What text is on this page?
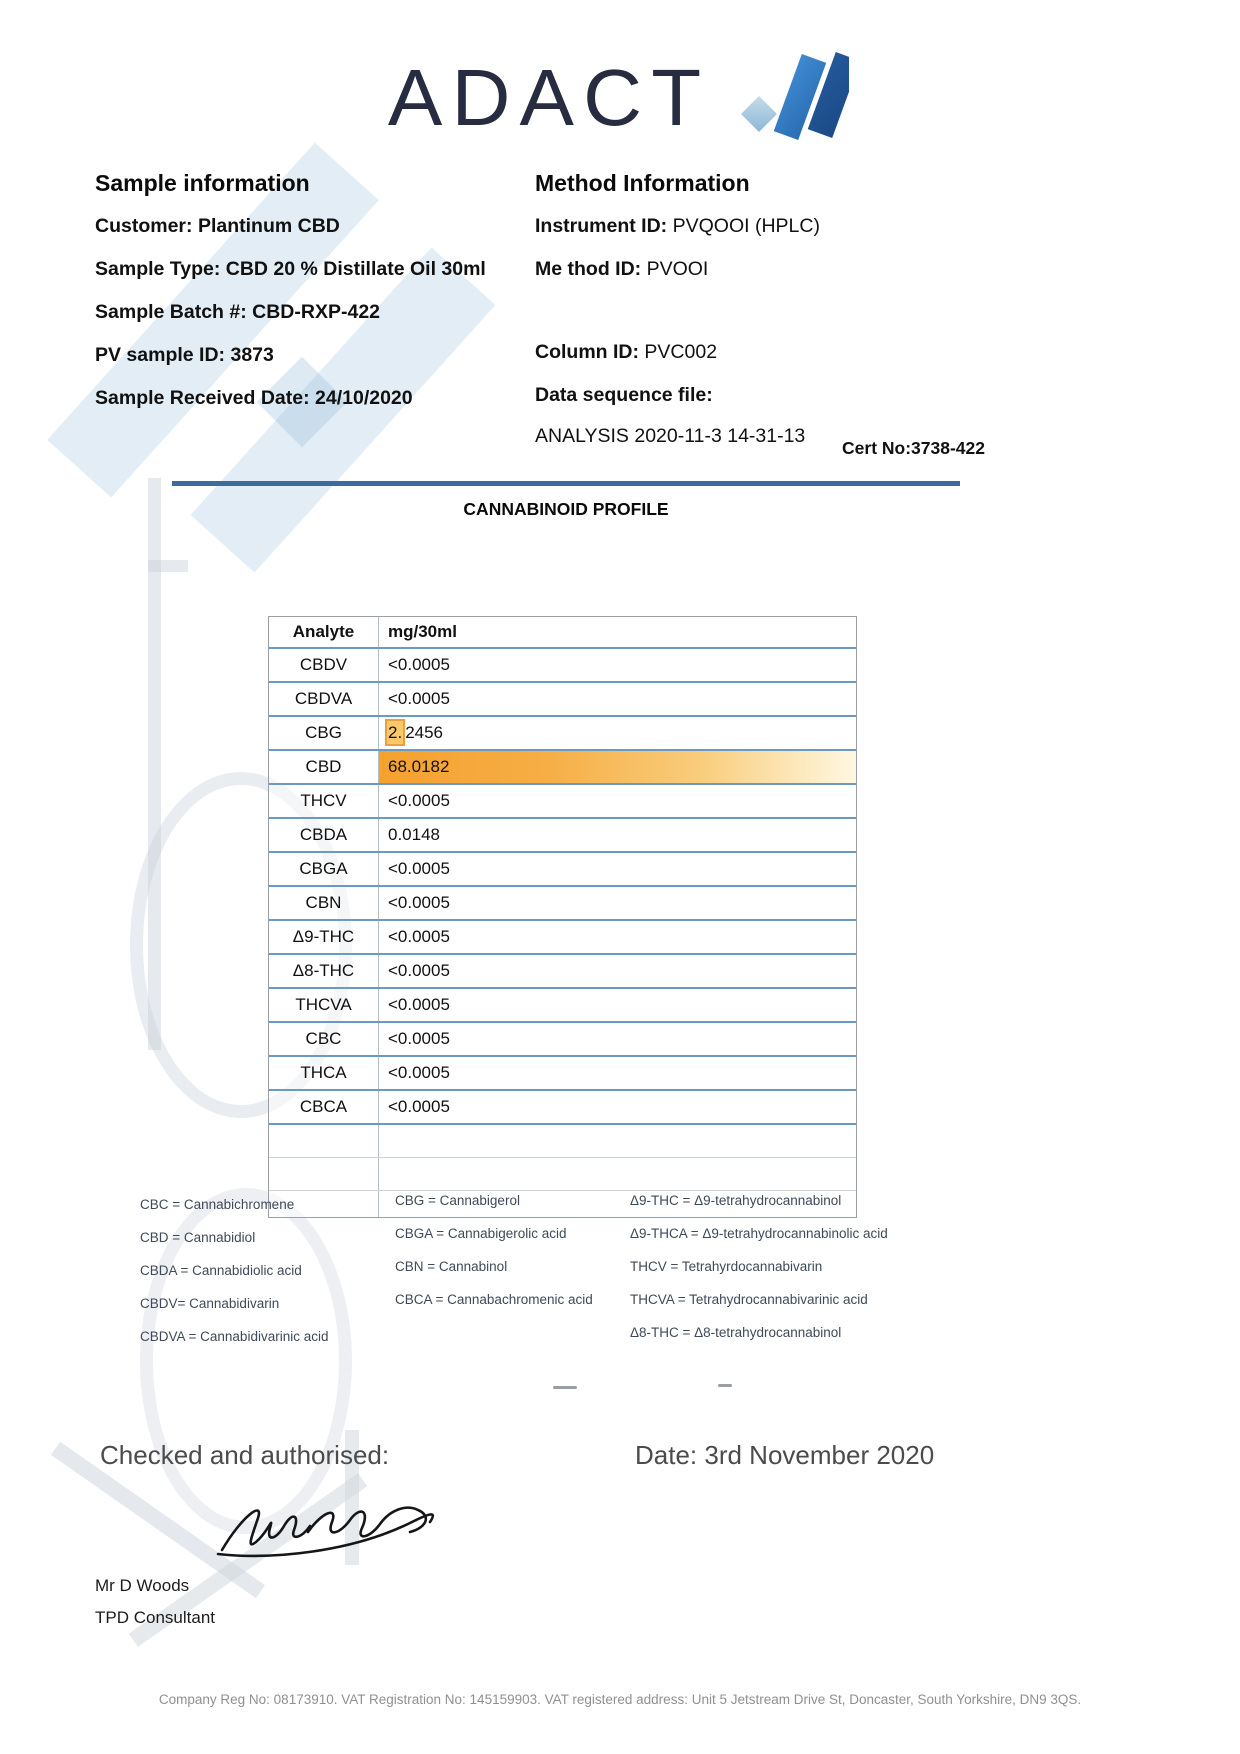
ADACT
Sample information
Customer: Plantinum CBD
Sample Type: CBD 20 % Distillate Oil 30ml
Sample Batch #: CBD-RXP-422
PV sample ID: 3873
Sample Received Date: 24/10/2020
Method Information
Instrument ID: PVQOOI (HPLC)
Me thod ID: PVOOI
Column ID: PVC002
Data sequence file:
ANALYSIS 2020-11-3 14-31-13
Cert No:3738-422
CANNABINOID PROFILE
Analyte	mg/30ml
CBDV	<0.0005
CBDVA	<0.0005
CBG	2. 2456
CBD	68.0182
THCV	<0.0005
CBDA	0.0148
CBGA	<0.0005
CBN	<0.0005
Δ9-THC	<0.0005
Δ8-THC	<0.0005
THCVA	<0.0005
CBC	<0.0005
THCA	<0.0005
CBCA	<0.0005
CBC = Cannabichromene
CBD = Cannabidiol
CBDA = Cannabidiolic acid
CBDV= Cannabidivarin
CBDVA = Cannabidivarinic acid
CBG = Cannabigerol
CBGA = Cannabigerolic acid
CBN = Cannabinol
CBCA = Cannabachromenic acid
Δ9-THC = Δ9-tetrahydrocannabinol
Δ9-THCA = Δ9-tetrahydrocannabinolic acid
THCV = Tetrahyrdocannabivarin
THCVA = Tetrahydrocannabivarinic acid
Δ8-THC = Δ8-tetrahydrocannabinol
Checked and authorised:	Date: 3rd November 2020
Mr D Woods
TPD Consultant
Company Reg No: 08173910. VAT Registration No: 145159903. VAT registered address: Unit 5 Jetstream Drive St, Doncaster, South Yorkshire, DN9 3QS.
